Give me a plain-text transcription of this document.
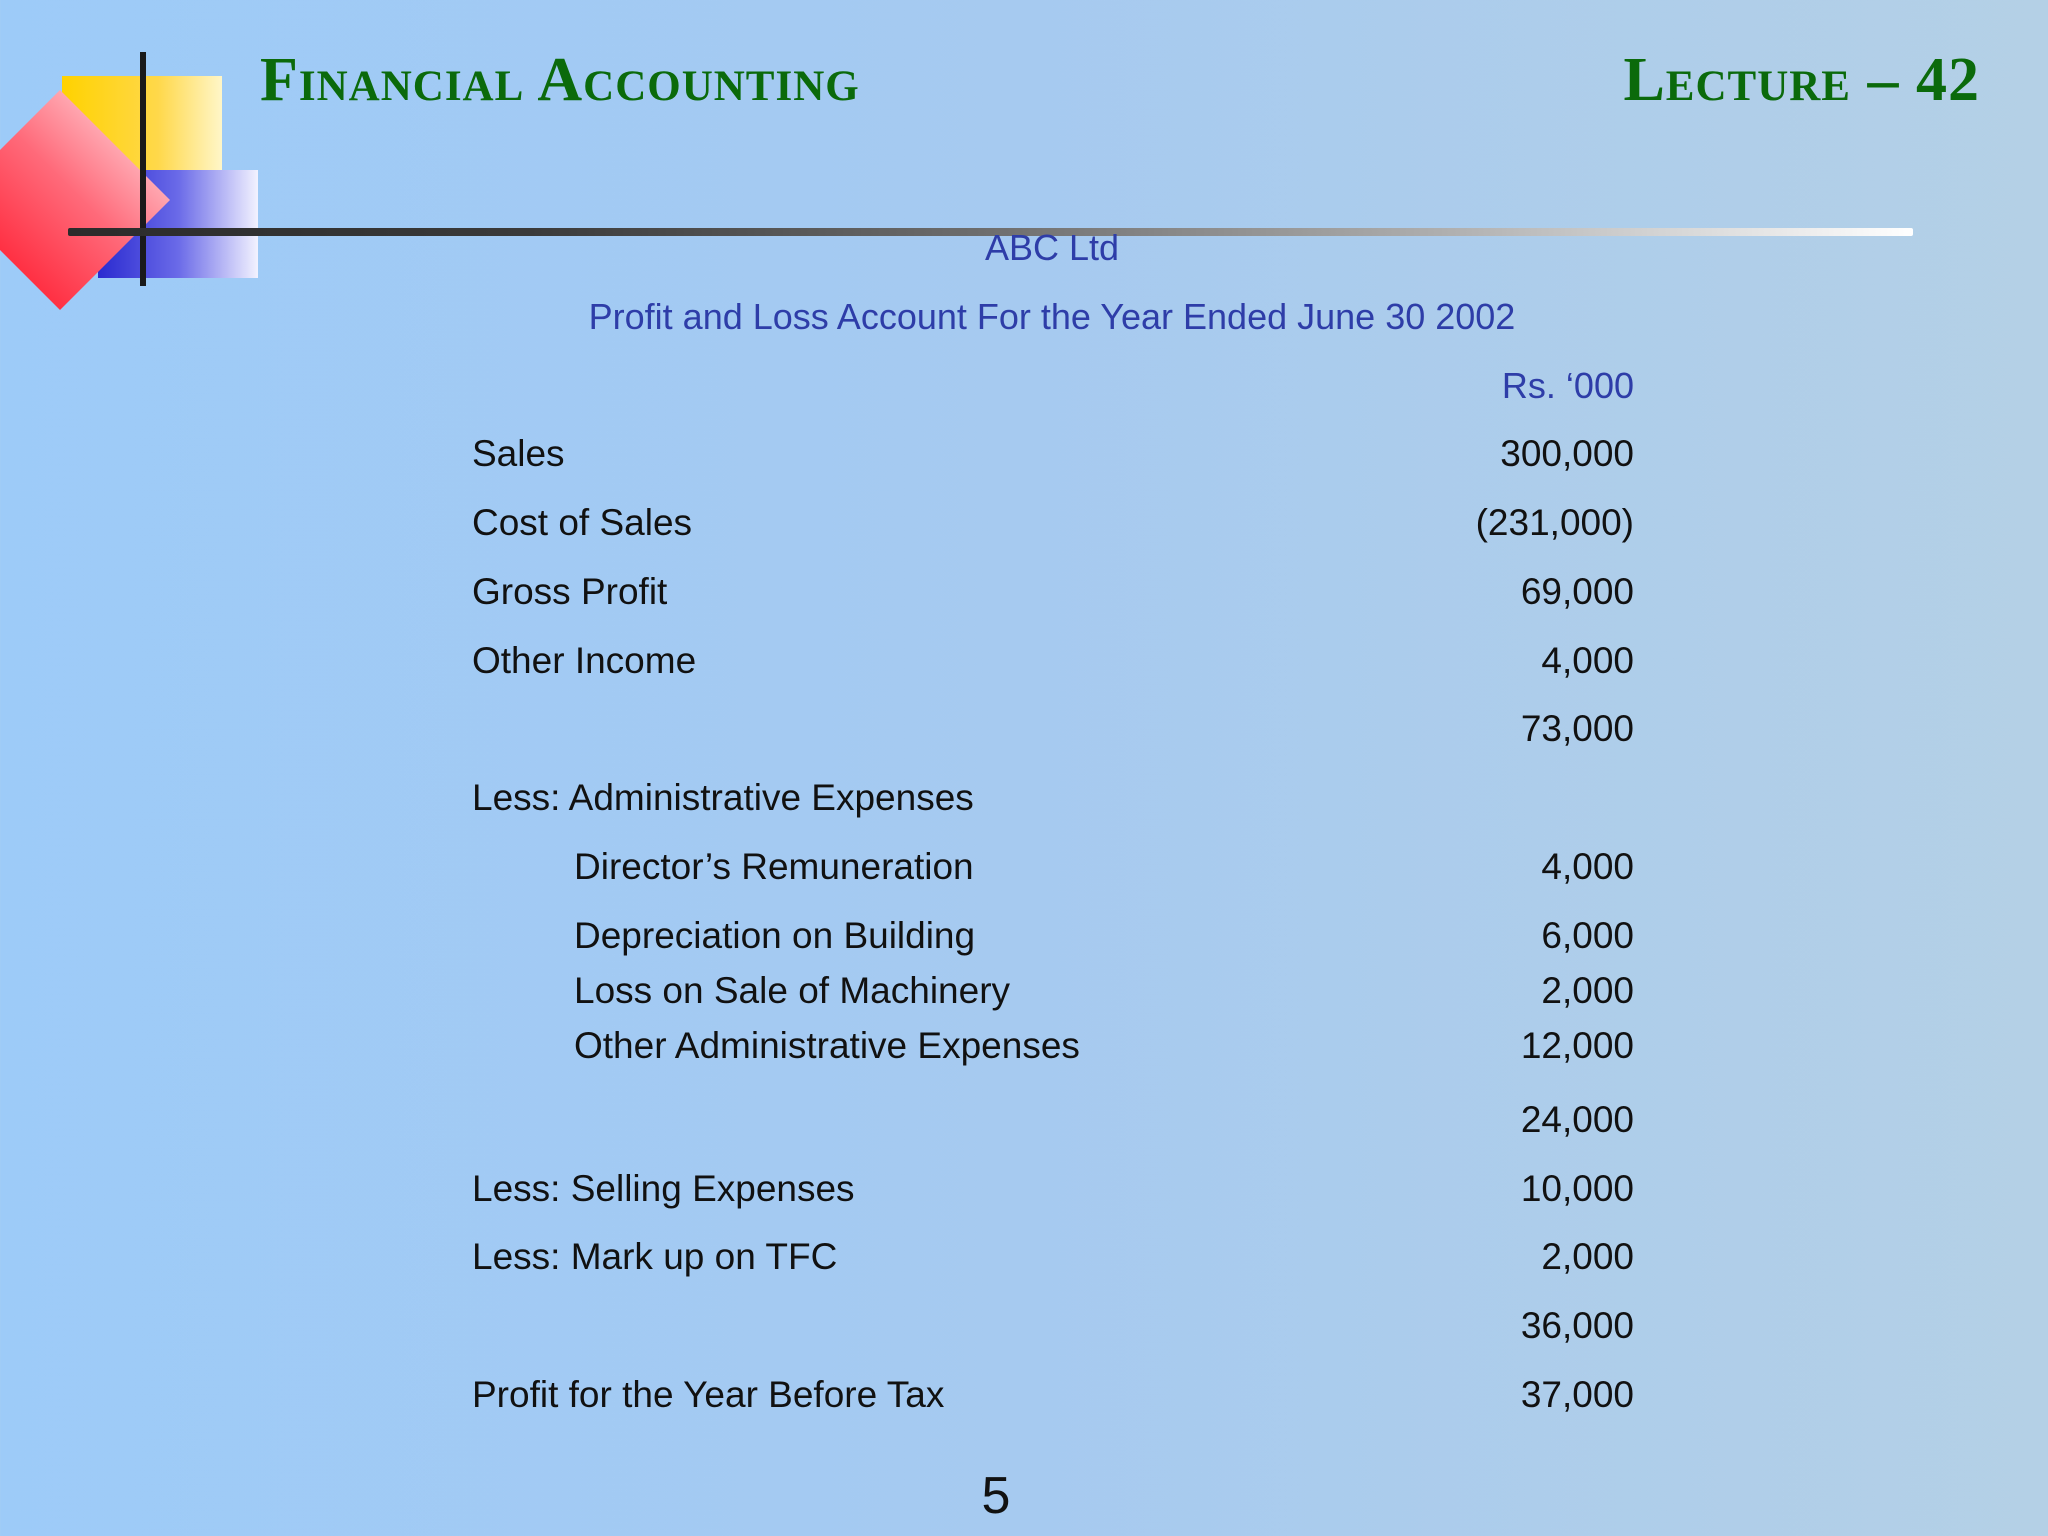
Financial Accounting	Lecture – 42
ABC Ltd
Profit and Loss Account For the Year Ended June 30 2002
Rs. ‘000
Sales	300,000
Cost of Sales	(231,000)
Gross Profit	69,000
Other Income	4,000
73,000
Less: Administrative Expenses
Director’s Remuneration	4,000
Depreciation on Building	6,000
Loss on Sale of Machinery	2,000
Other Administrative Expenses	12,000
24,000
Less: Selling Expenses	10,000
Less: Mark up on TFC	2,000
36,000
Profit for the Year Before Tax	37,000
5
